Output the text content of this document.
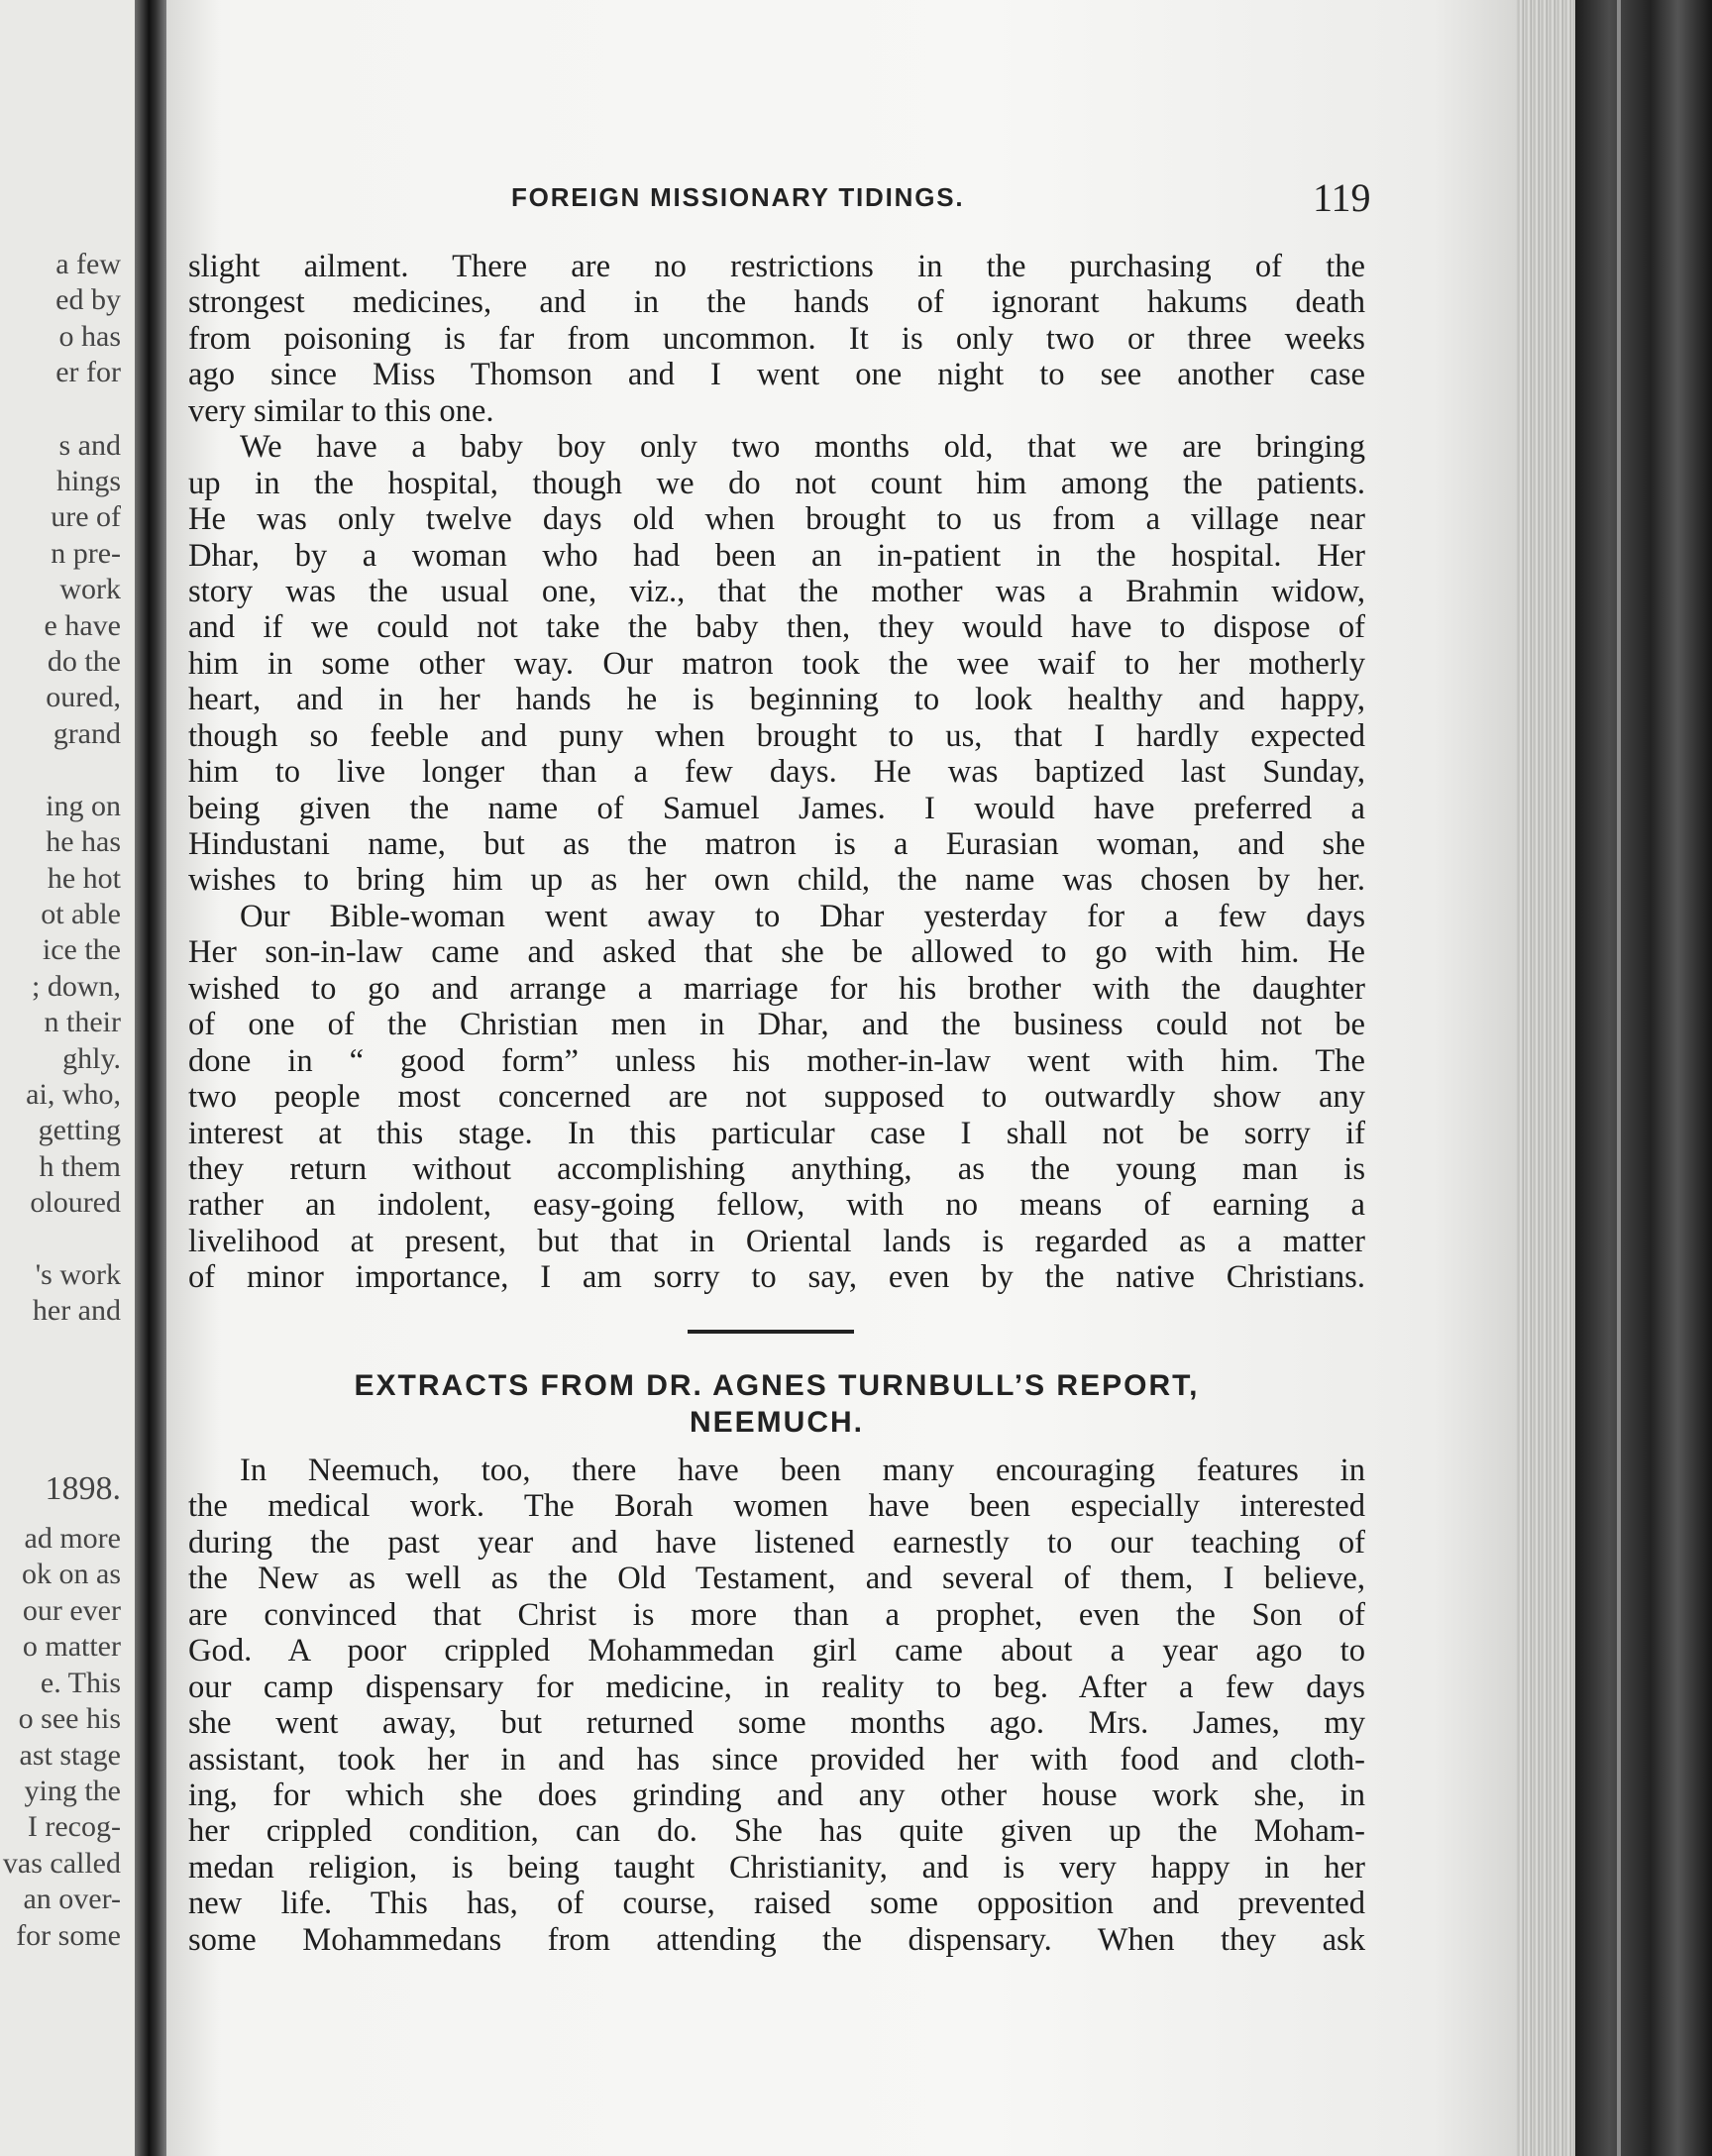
a few
ed by
o has
er for
s and
hings
ure of
n pre-
work
e have
do the
oured,
grand
ing on
he has
he hot
ot able
ice the
; down,
n their
ghly.
ai, who,
getting
h them
oloured
's work
her and
1898.
ad more
ok on as
our ever
o matter
e. This
o see his
ast stage
ying the
I recog-
vas called
an over-
for some
FOREIGN MISSIONARY TIDINGS.	119
slight ailment. There are no restrictions in the purchasing of the
strongest medicines, and in the hands of ignorant hakums death
from poisoning is far from uncommon. It is only two or three weeks
ago since Miss Thomson and I went one night to see another case
very similar to this one.
We have a baby boy only two months old, that we are bringing
up in the hospital, though we do not count him among the patients.
He was only twelve days old when brought to us from a village near
Dhar, by a woman who had been an in-patient in the hospital. Her
story was the usual one, viz., that the mother was a Brahmin widow,
and if we could not take the baby then, they would have to dispose of
him in some other way. Our matron took the wee waif to her motherly
heart, and in her hands he is beginning to look healthy and happy,
though so feeble and puny when brought to us, that I hardly expected
him to live longer than a few days. He was baptized last Sunday,
being given the name of Samuel James. I would have preferred a
Hindustani name, but as the matron is a Eurasian woman, and she
wishes to bring him up as her own child, the name was chosen by her.
Our Bible-woman went away to Dhar yesterday for a few days
Her son-in-law came and asked that she be allowed to go with him. He
wished to go and arrange a marriage for his brother with the daughter
of one of the Christian men in Dhar, and the business could not be
done in “ good form” unless his mother-in-law went with him. The
two people most concerned are not supposed to outwardly show any
interest at this stage. In this particular case I shall not be sorry if
they return without accomplishing anything, as the young man is
rather an indolent, easy-going fellow, with no means of earning a
livelihood at present, but that in Oriental lands is regarded as a matter
of minor importance, I am sorry to say, even by the native Christians.
EXTRACTS FROM DR. AGNES TURNBULL’S REPORT,
NEEMUCH.
In Neemuch, too, there have been many encouraging features in
the medical work. The Borah women have been especially interested
during the past year and have listened earnestly to our teaching of
the New as well as the Old Testament, and several of them, I believe,
are convinced that Christ is more than a prophet, even the Son of
God. A poor crippled Mohammedan girl came about a year ago to
our camp dispensary for medicine, in reality to beg. After a few days
she went away, but returned some months ago. Mrs. James, my
assistant, took her in and has since provided her with food and cloth-
ing, for which she does grinding and any other house work she, in
her crippled condition, can do. She has quite given up the Moham-
medan religion, is being taught Christianity, and is very happy in her
new life. This has, of course, raised some opposition and prevented
some Mohammedans from attending the dispensary. When they ask
